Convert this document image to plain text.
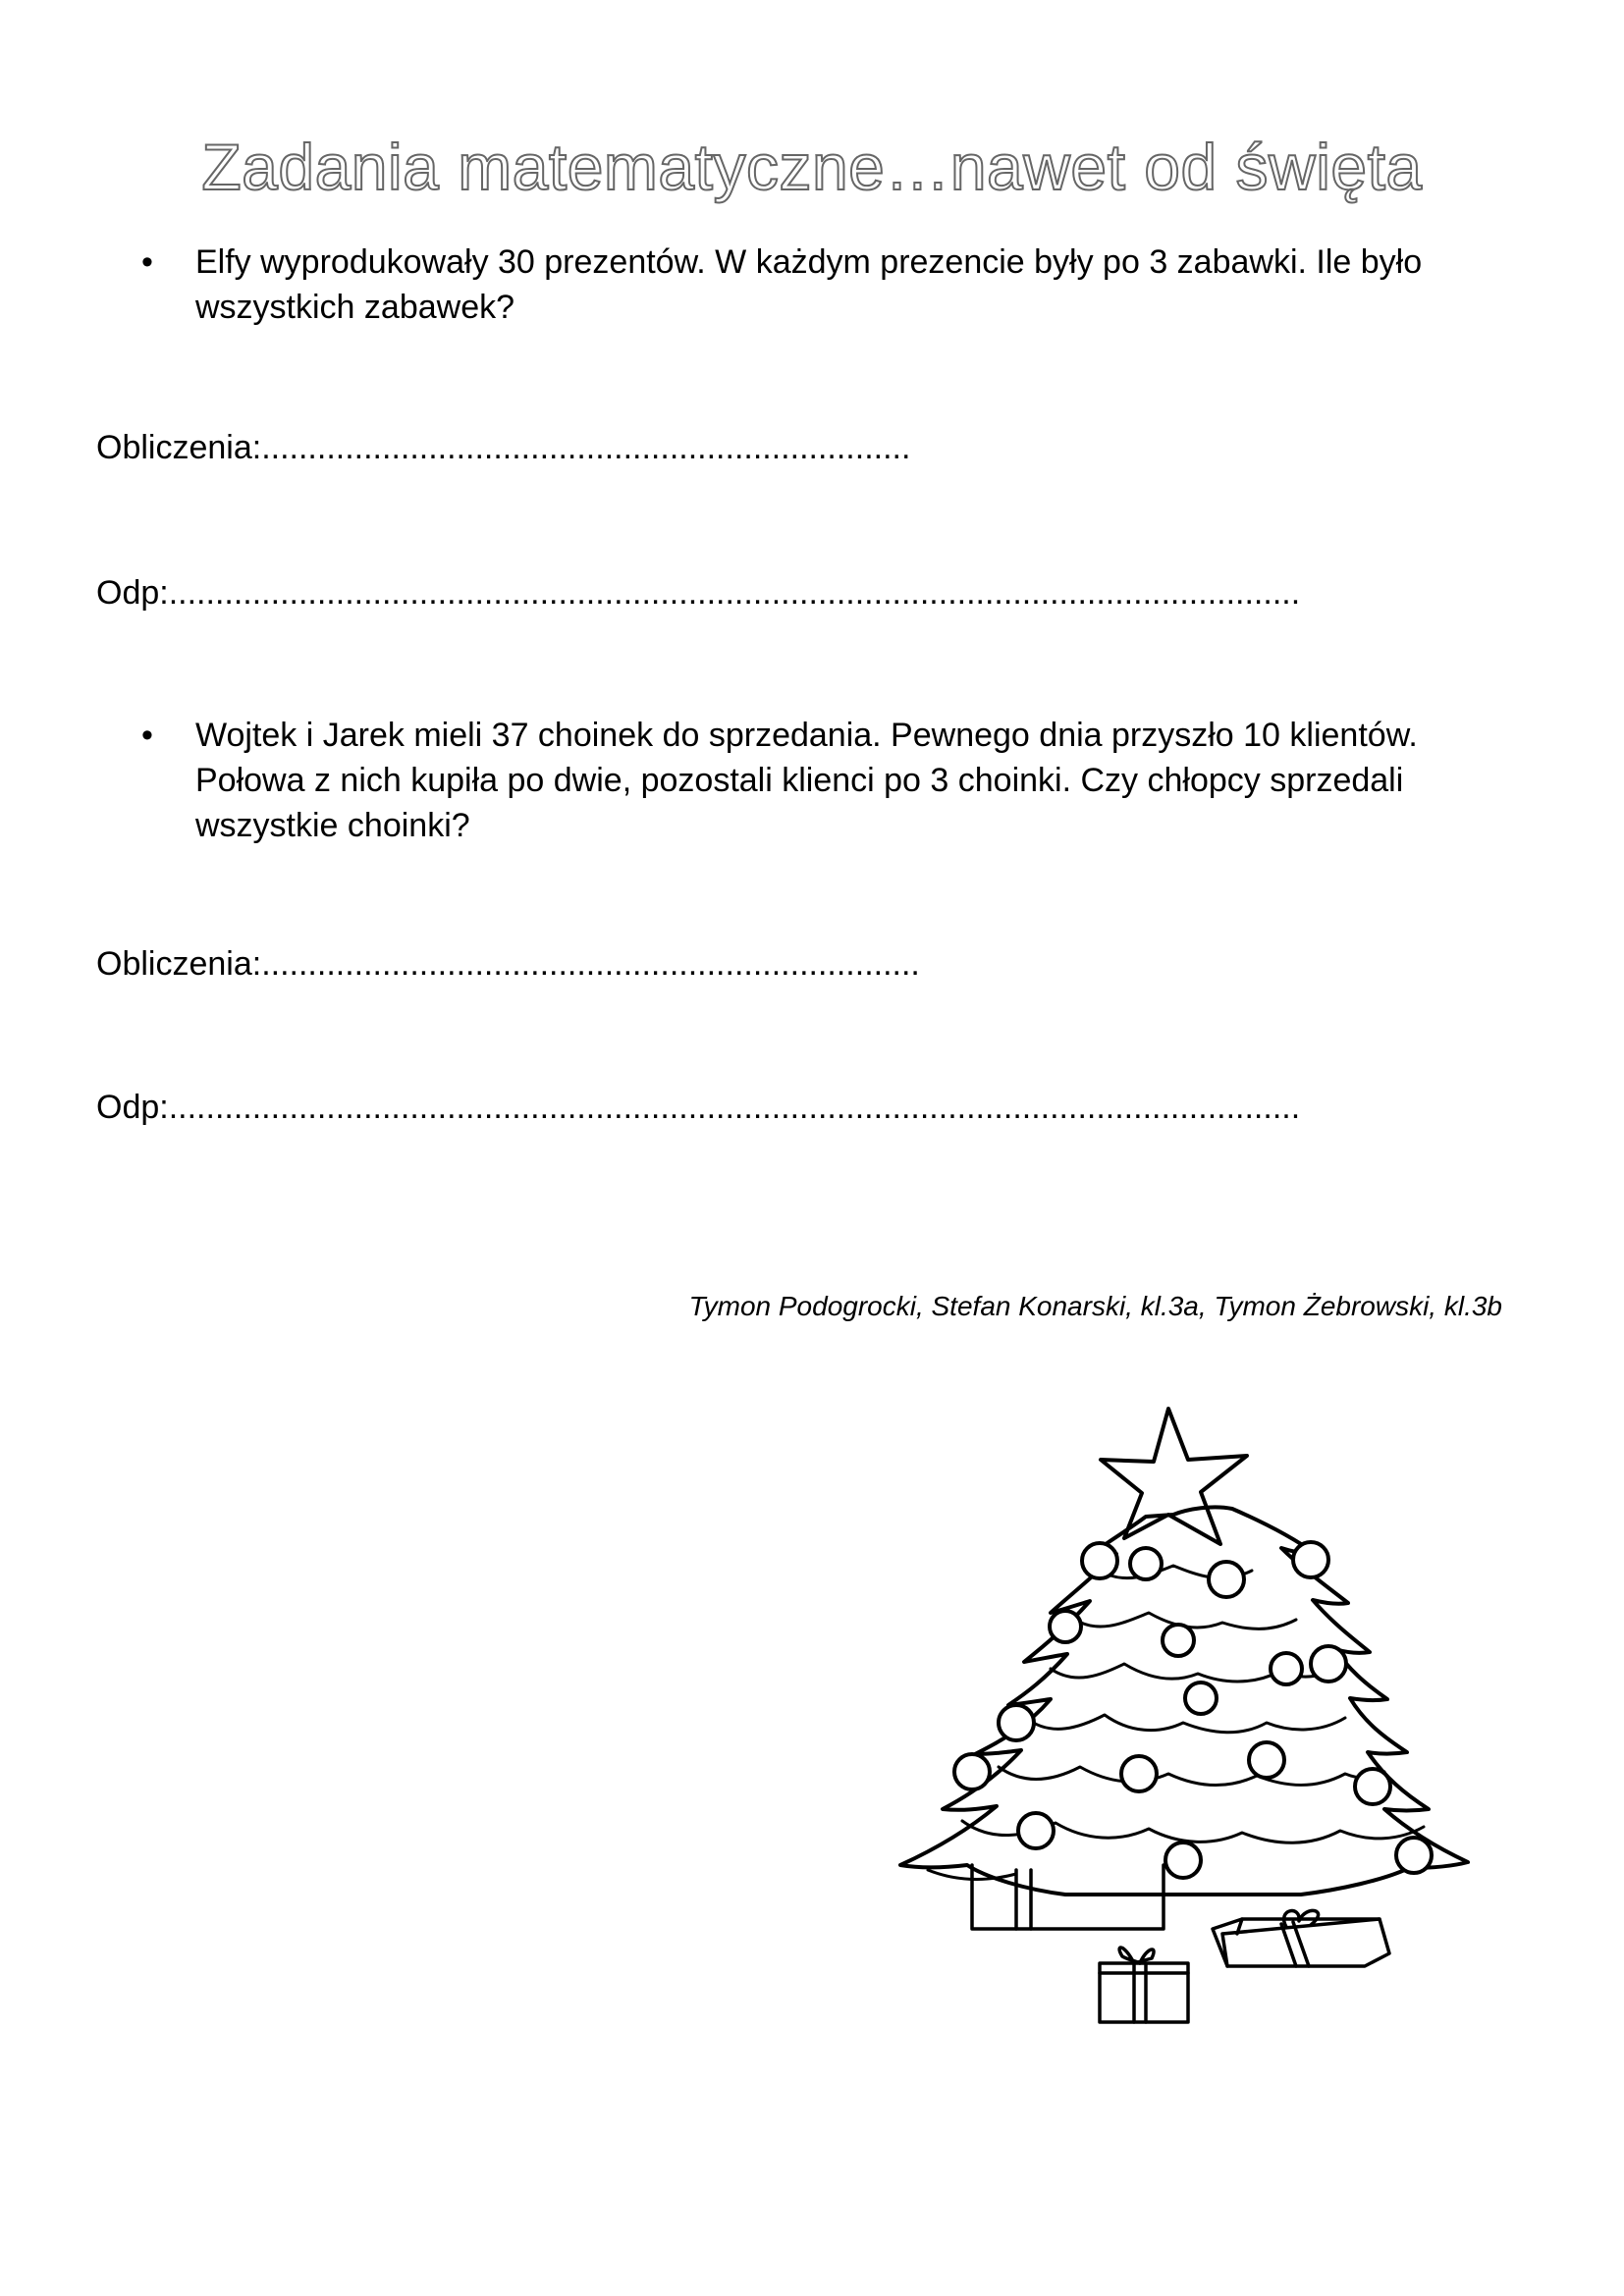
Zadania matematyczne…nawet od święta
•	Elfy wyprodukowały 30 prezentów. W każdym prezencie były po 3 zabawki. Ile było wszystkich zabawek?
Obliczenia:......................................................................
Odp:..........................................................................................................................
•	Wojtek i Jarek mieli 37 choinek do sprzedania. Pewnego dnia przyszło 10 klientów. Połowa z nich kupiła po dwie, pozostali klienci po 3 choinki. Czy chłopcy sprzedali wszystkie choinki?
Obliczenia:.......................................................................
Odp:..........................................................................................................................
Tymon Podogrocki, Stefan Konarski, kl.3a, Tymon Żebrowski, kl.3b
